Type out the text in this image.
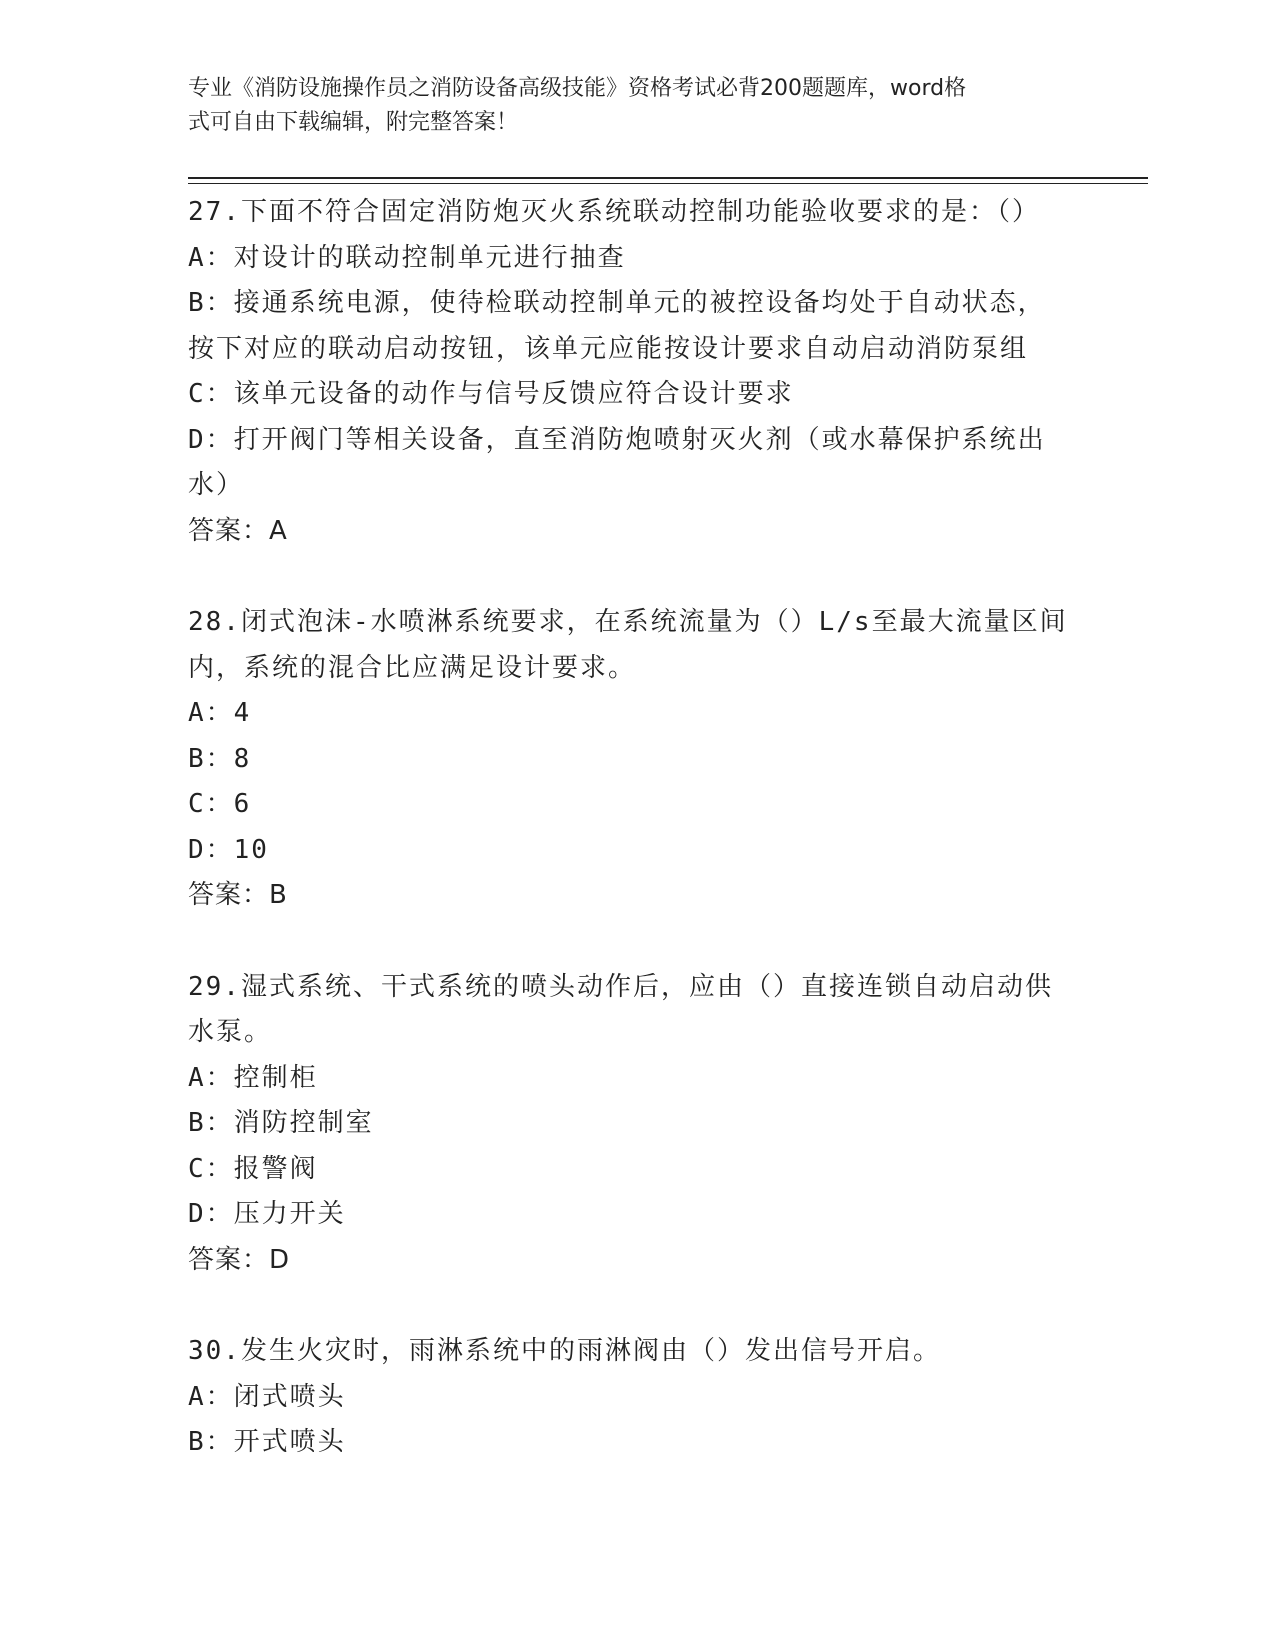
专业《消防设施操作员之消防设备高级技能》资格考试必背200题题库，word格
式可自由下载编辑，附完整答案！
27.下面不符合固定消防炮灭火系统联动控制功能验收要求的是：（）
A：对设计的联动控制单元进行抽查
B：接通系统电源，使待检联动控制单元的被控设备均处于自动状态，
按下对应的联动启动按钮，该单元应能按设计要求自动启动消防泵组
C：该单元设备的动作与信号反馈应符合设计要求
D：打开阀门等相关设备，直至消防炮喷射灭火剂（或水幕保护系统出
水）
答案：A
28.闭式泡沫-水喷淋系统要求，在系统流量为（）L/s至最大流量区间
内，系统的混合比应满足设计要求。
A：4
B：8
C：6
D：10
答案：B
29.湿式系统、干式系统的喷头动作后，应由（）直接连锁自动启动供
水泵。
A：控制柜
B：消防控制室
C：报警阀
D：压力开关
答案：D
30.发生火灾时，雨淋系统中的雨淋阀由（）发出信号开启。
A：闭式喷头
B：开式喷头
